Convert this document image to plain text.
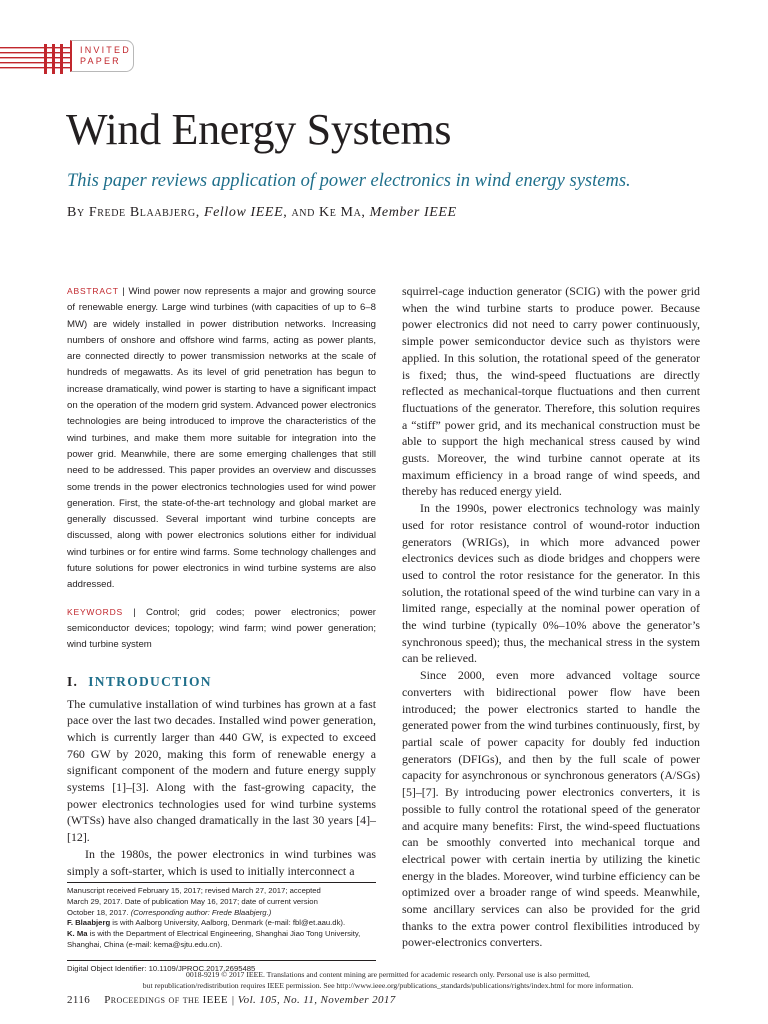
INVITED
PAPER
Wind Energy Systems

This paper reviews application of power electronics in wind energy systems.

By Frede Blaabjerg, Fellow IEEE, and Ke Ma, Member IEEE

ABSTRACT | Wind power now represents a major and growing source of renewable energy. Large wind turbines (with capacities of up to 6–8 MW) are widely installed in power distribution networks. Increasing numbers of onshore and offshore wind farms, acting as power plants, are connected directly to power transmission networks at the scale of hundreds of megawatts. As its level of grid penetration has begun to increase dramatically, wind power is starting to have a significant impact on the operation of the modern grid system. Advanced power electronics technologies are being introduced to improve the characteristics of the wind turbines, and make them more suitable for integration into the power grid. Meanwhile, there are some emerging challenges that still need to be addressed. This paper provides an overview and discusses some trends in the power electronics technologies used for wind power generation. First, the state-of-the-art technology and global market are generally discussed. Several important wind turbine concepts are discussed, along with power electronics solutions either for individual wind turbines or for entire wind farms. Some technology challenges and future solutions for power electronics in wind turbine systems are also addressed.

KEYWORDS | Control; grid codes; power electronics; power semiconductor devices; topology; wind farm; wind power generation; wind turbine system

I. INTRODUCTION

The cumulative installation of wind turbines has grown at a fast pace over the last two decades. Installed wind power generation, which is currently larger than 440 GW, is expected to exceed 760 GW by 2020, making this form of renewable energy a significant component of the modern and future energy supply systems [1]–[3]. Along with the fast-growing capacity, the power electronics technologies used for wind turbine systems (WTSs) have also changed dramatically in the last 30 years [4]–[12].

In the 1980s, the power electronics in wind turbines was simply a soft-starter, which is used to initially interconnect a

squirrel-cage induction generator (SCIG) with the power grid when the wind turbine starts to produce power. Because power electronics did not need to carry power continuously, simple power semiconductor device such as thyistors were applied. In this solution, the rotational speed of the generator is fixed; thus, the wind-speed fluctuations are directly reflected as mechanical-torque fluctuations and then current fluctuations of the generator. Therefore, this solution requires a “stiff” power grid, and its mechanical construction must be able to support the high mechanical stress caused by wind gusts. Moreover, the wind turbine cannot operate at its maximum efficiency in a broad range of wind speeds, and thereby has reduced energy yield.

In the 1990s, power electronics technology was mainly used for rotor resistance control of wound-rotor induction generators (WRIGs), in which more advanced power electronics devices such as diode bridges and choppers were used to control the rotor resistance for the generator. In this solution, the rotational speed of the wind turbine can vary in a limited range, especially at the nominal power operation of the wind turbine (typically 0%–10% above the generator’s synchronous speed); thus, the mechanical stress in the system can be relieved.

Since 2000, even more advanced voltage source converters with bidirectional power flow have been introduced; the power electronics started to handle the generated power from the wind turbines continuously, first, by partial scale of power capacity for doubly fed induction generators (DFIGs), and then by the full scale of power capacity for asynchronous or synchronous generators (A/SGs) [5]–[7]. By introducing power electronics converters, it is possible to fully control the rotational speed of the generator and acquire many benefits: First, the wind-speed fluctuations can be smoothly converted into mechanical torque and electrical power with certain inertia by utilizing the kinetic energy in the blades. Moreover, wind turbine efficiency can be optimized over a broader range of wind speeds. Meanwhile, some ancillary services can also be provided for the grid thanks to the extra power control flexibilities introduced by power-electronics converters.

Manuscript received February 15, 2017; revised March 27, 2017; accepted
March 29, 2017. Date of publication May 16, 2017; date of current version
October 18, 2017. (Corresponding author: Frede Blaabjerg.)
F. Blaabjerg is with Aalborg University, Aalborg, Denmark (e-mail: fbl@et.aau.dk).
K. Ma is with the Department of Electrical Engineering, Shanghai Jiao Tong University, Shanghai, China (e-mail: kema@sjtu.edu.cn).
Digital Object Identifier: 10.1109/JPROC.2017.2695485
0018-9219 © 2017 IEEE. Translations and content mining are permitted for academic research only. Personal use is also permitted,
but republication/redistribution requires IEEE permission. See http://www.ieee.org/publications_standards/publications/rights/index.html for more information.

2116 Proceedings of the IEEE | Vol. 105, No. 11, November 2017
